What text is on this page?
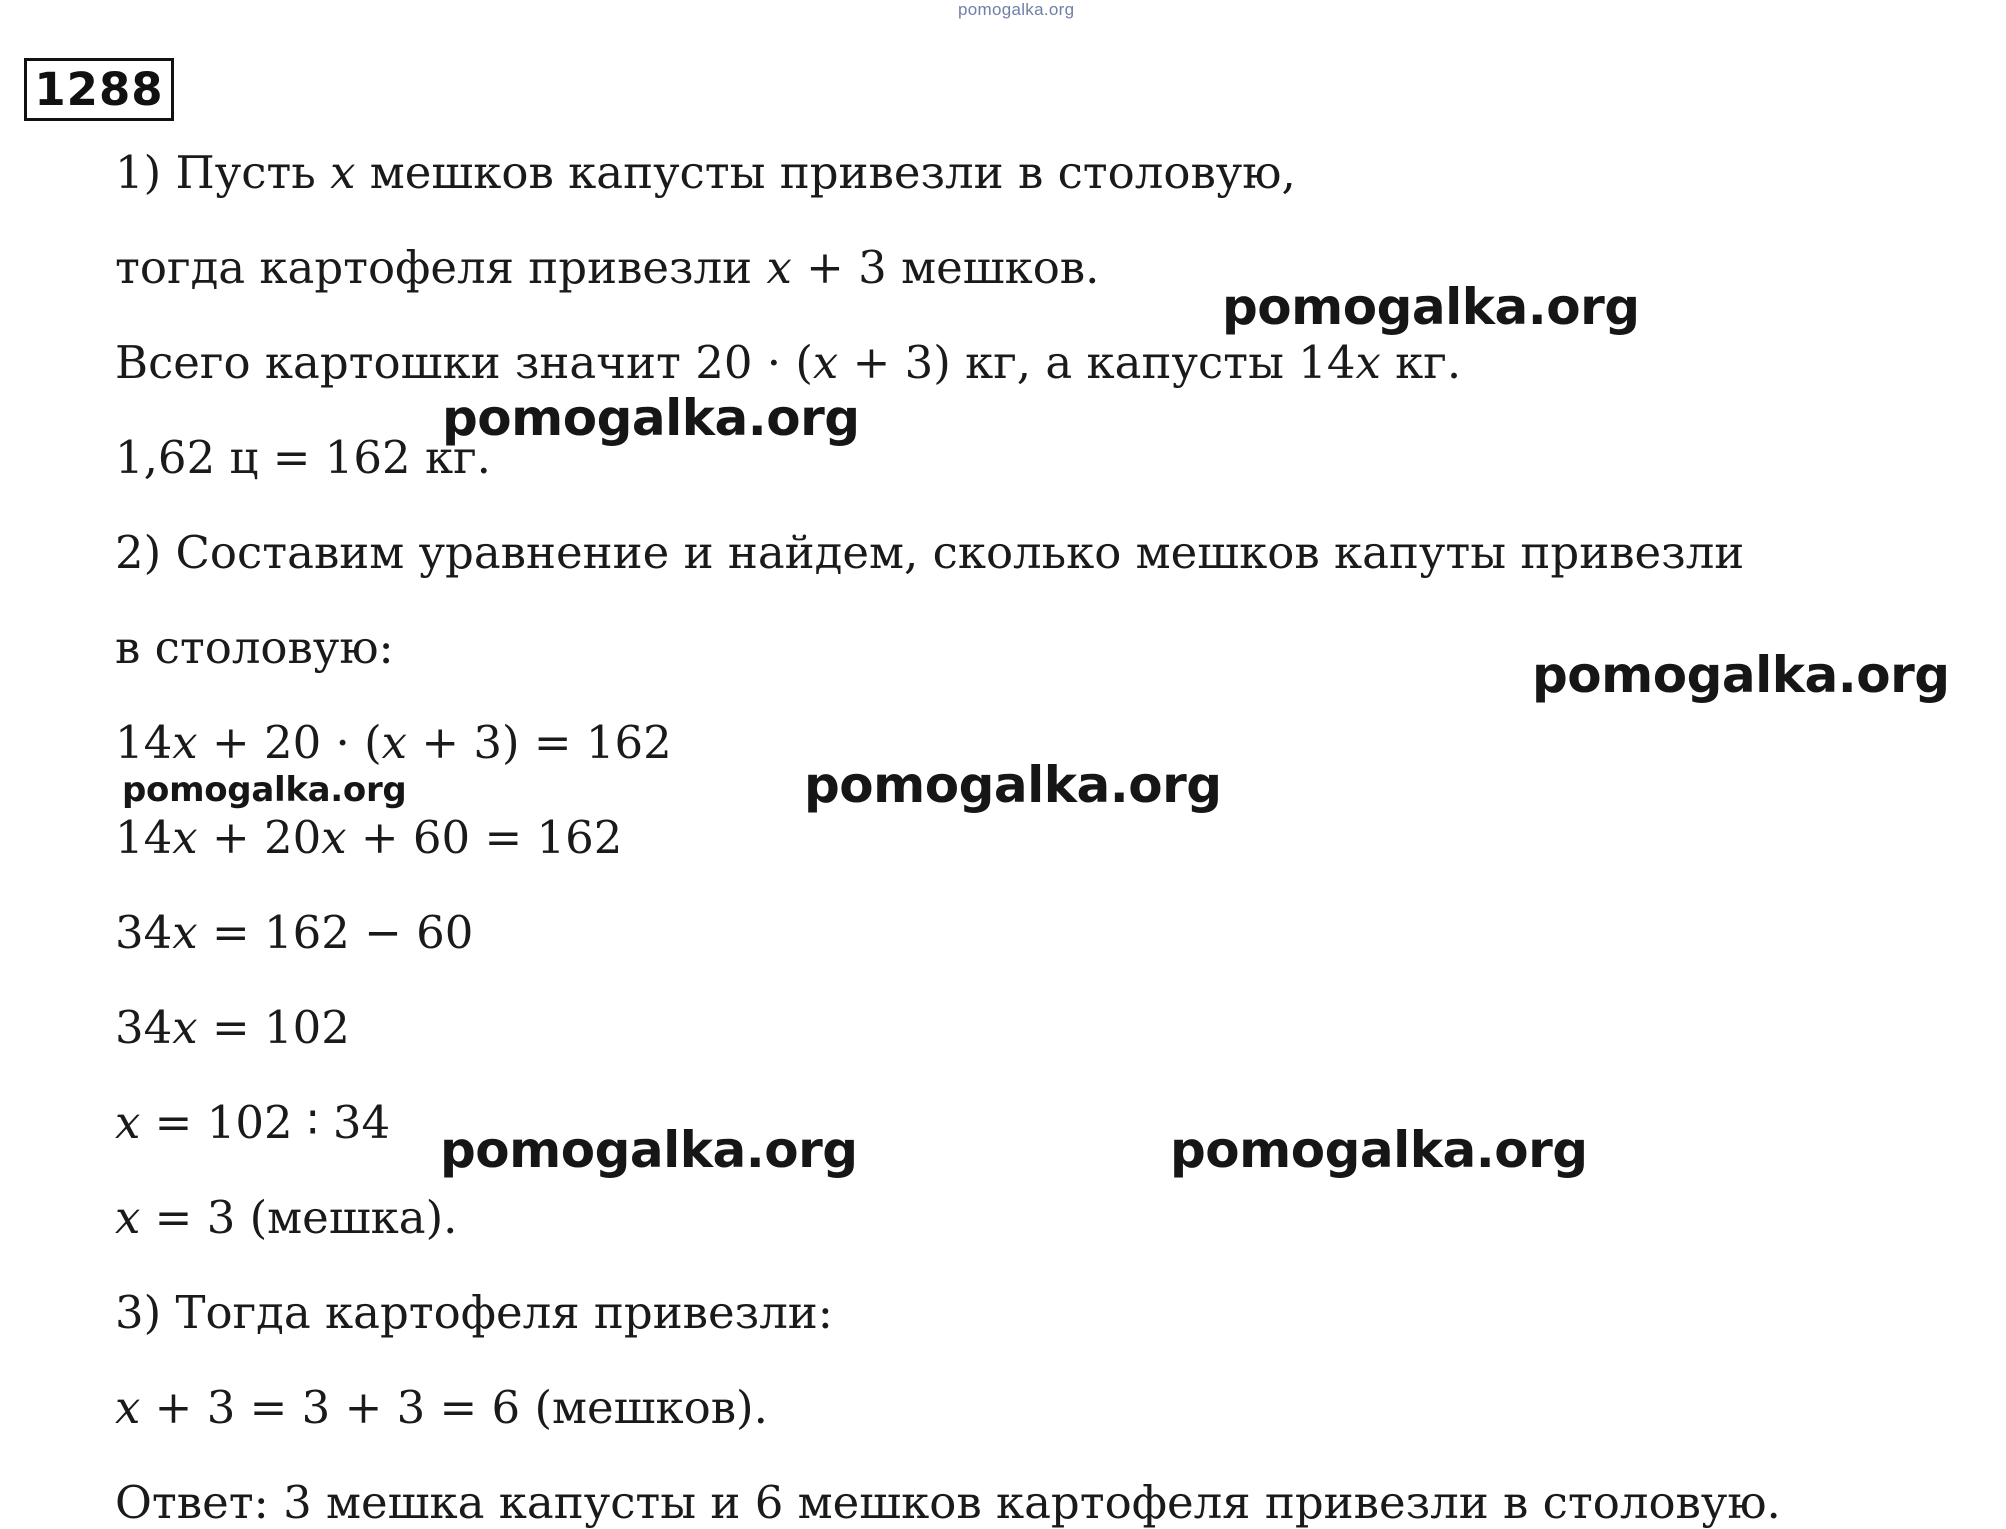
pomogalka.org
1288
1) Пусть 𝑥 мешков капусты привезли в столовую,
тогда картофеля привезли 𝑥 + 3 мешков.
Всего картошки значит 20 · (𝑥 + 3) кг, а капусты 14𝑥 кг.
1,62 ц = 162 кг.
2) Составим уравнение и найдем, сколько мешков капуты привезли
в столовую:
14𝑥 + 20 · (𝑥 + 3) = 162
14𝑥 + 20𝑥 + 60 = 162
34𝑥 = 162 − 60
34𝑥 = 102
𝑥 = 102 ∶ 34
𝑥 = 3 (мешка).
3) Тогда картофеля привезли:
𝑥 + 3 = 3 + 3 = 6 (мешков).
Ответ: 3 мешка капусты и 6 мешков картофеля привезли в столовую.
pomogalka.org
pomogalka.org
pomogalka.org
pomogalka.org
pomogalka.org
pomogalka.org	pomogalka.org
